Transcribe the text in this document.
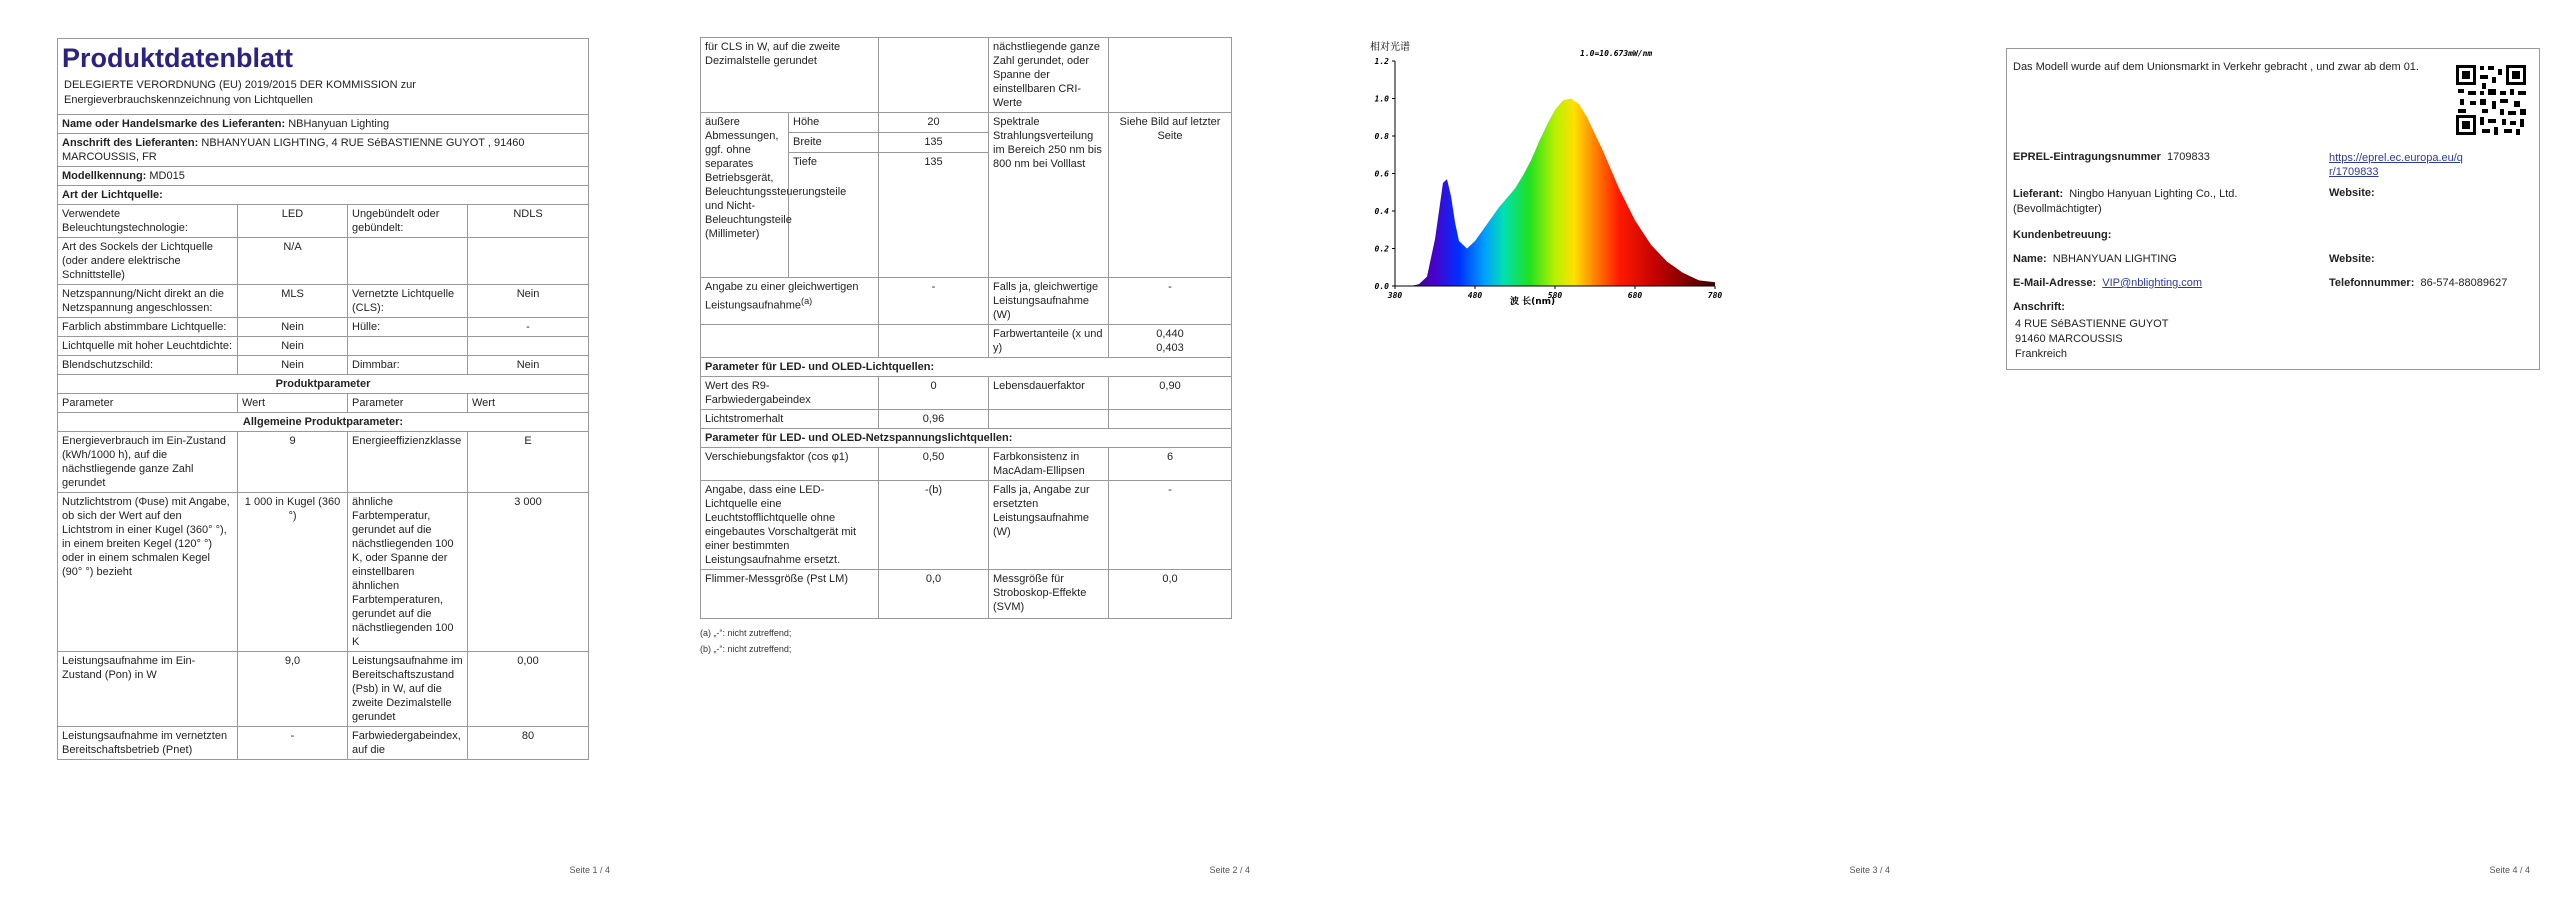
Produktdatenblatt
DELEGIERTE VERORDNUNG (EU) 2019/2015 DER KOMMISSION zur Energieverbrauchskennzeichnung von Lichtquellen
Name oder Handelsmarke des Lieferanten: NBHanyuan Lighting			
Anschrift des Lieferanten: NBHANYUAN LIGHTING, 4 RUE SéBASTIENNE GUYOT , 91460 MARCOUSSIS, FR			
Modellkennung: MD015			
Art der Lichtquelle:			
Verwendete Beleuchtungstechnologie:	LED	Ungebündelt oder gebündelt:	NDLS
Art des Sockels der Lichtquelle (oder andere elektrische Schnittstelle)	N/A		
Netzspannung/Nicht direkt an die Netzspannung angeschlossen:	MLS	Vernetzte Lichtquelle (CLS):	Nein
Farblich abstimmbare Lichtquelle:	Nein	Hülle:	-
Lichtquelle mit hoher Leuchtdichte:	Nein		
Blendschutzschild:	Nein	Dimmbar:	Nein
Produktparameter			
Parameter	Wert	Parameter	Wert
Allgemeine Produktparameter:			
Energieverbrauch im Ein-Zustand (kWh/1000 h), auf die nächstliegende ganze Zahl gerundet	9	Energieeffizienzklasse	E
Nutzlichtstrom (Φuse) mit Angabe, ob sich der Wert auf den Lichtstrom in einer Kugel (360° °), in einem breiten Kegel (120° °) oder in einem schmalen Kegel (90° °) bezieht	1 000 in Kugel (360 °)	ähnliche Farbtemperatur, gerundet auf die nächstliegenden 100 K, oder Spanne der einstellbaren ähnlichen Farbtemperaturen, gerundet auf die nächstliegenden 100 K	3 000
Leistungsaufnahme im Ein-Zustand (Pon) in W	9,0	Leistungsaufnahme im Bereitschaftszustand (Psb) in W, auf die zweite Dezimalstelle gerundet	0,00
Leistungsaufnahme im vernetzten Bereitschaftsbetrieb (Pnet)	-	Farbwiedergabeindex, auf die	80
Seite 1 / 4
für CLS in W, auf die zweite Dezimalstelle gerundet			nächstliegende ganze Zahl gerundet, oder Spanne der einstellbaren CRI-Werte	
äußere Abmessungen, ggf. ohne separates Betriebsgerät, Beleuchtungssteuerungsteile und Nicht-Beleuchtungsteile (Millimeter)	Höhe	20	Spektrale Strahlungsverteilung im Bereich 250 nm bis 800 nm bei Volllast	Siehe Bild auf letzter Seite
	Breite	135		
	Tiefe	135		
Angabe zu einer gleichwertigen Leistungsaufnahme$^{(a)}$		-	Falls ja, gleichwertige Leistungsaufnahme (W)	-
			Farbwertanteile (x und y)	0,440
0,403

Parameter für LED- und OLED-Lichtquellen:				
Wert des R9-Farbwiedergabeindex		0	Lebensdauerfaktor	0,90
Lichtstromerhalt		0,96		
Parameter für LED- und OLED-Netzspannungslichtquellen:				
Verschiebungsfaktor (cos φ1)		0,50	Farbkonsistenz in MacAdam-Ellipsen	6
Angabe, dass eine LED-Lichtquelle eine Leuchtstofflichtquelle ohne eingebautes Vorschaltgerät mit einer bestimmten Leistungsaufnahme ersetzt.		-(b)	Falls ja, Angabe zur ersetzten Leistungsaufnahme (W)	-
Flimmer-Messgröße (Pst LM)		0,0	Messgröße für Stroboskop-Effekte (SVM)	0,0
(a) „-“: nicht zutreffend;
(b) „-“: nicht zutreffend;
Seite 2 / 4	Seite 3 / 4
0.0
0.2
0.4
0.6
0.8
1.0
1.2
380	480	580	680	780
相对光谱
1.0=10.673mW/nm
波 长(nm)
Seite 4 / 4
Das Modell wurde auf dem Unionsmarkt in Verkehr gebracht , und zwar ab dem 01.
EPREL-Eintragungsnummer 1709833	https://eprel.ec.europa.eu/qr/1709833
Lieferant: Ningbo Hanyuan Lighting Co., Ltd. (Bevollmächtigter)
Website:
Kundenbetreuung:
Name: NBHANYUAN LIGHTING	Website:
E-Mail-Adresse: VIP@nblighting.com	Telefonnummer: 86-574-88089627
Anschrift:
4 RUE SéBASTIENNE GUYOT
91460 MARCOUSSIS
Frankreich
